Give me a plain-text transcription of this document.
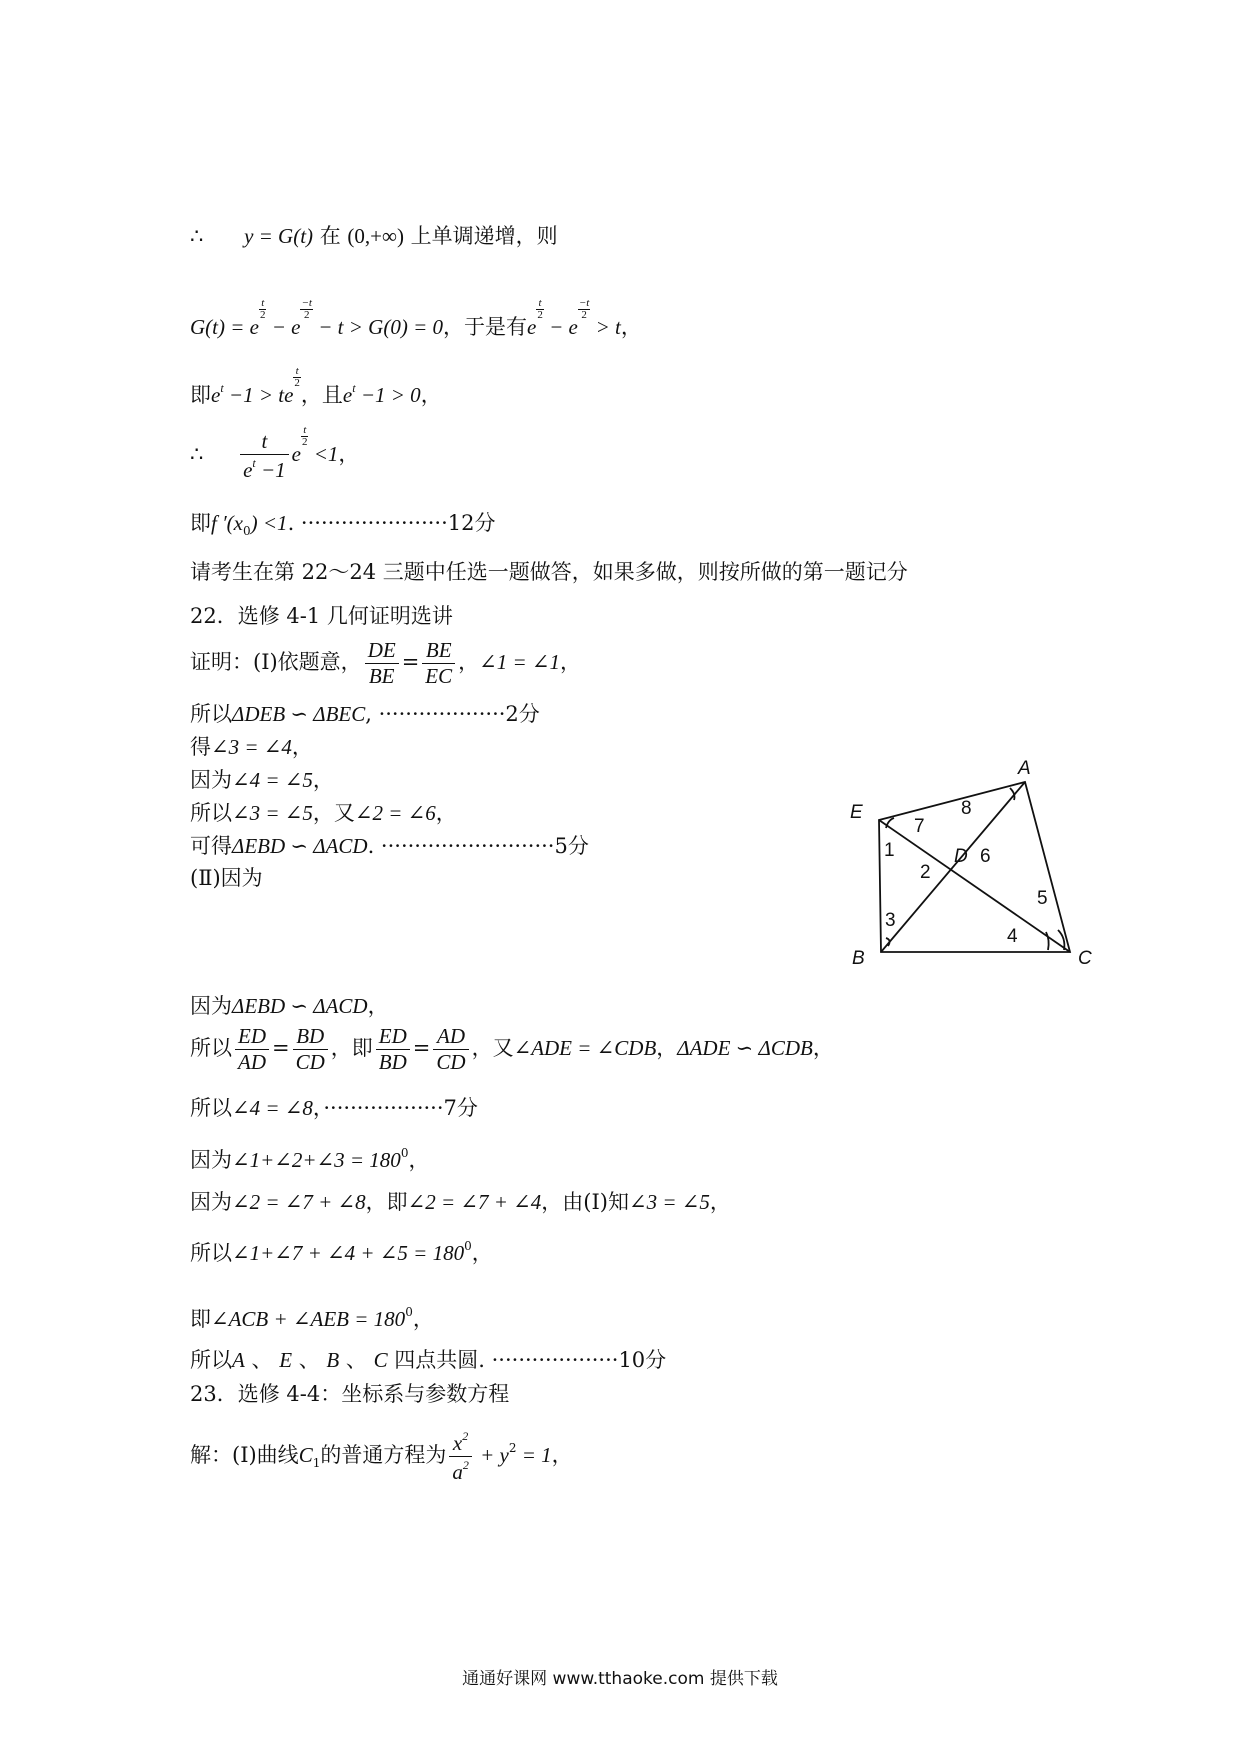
∴ y = G(t) 在 (0,+∞) 上单调递增，则
G(t) = e
$\frac{t}{2}$
− e
$\frac{-t}{2}$
− t > G(0) = 0，于是有e
$\frac{t}{2}$
− e
$\frac{-t}{2}$
> t，
即$e^t -1$ > te
$\frac{t}{2}$
，且$e^t -1 > 0$，
∴ $\frac{t}{e^t -1}$ e
$\frac{t}{2}$
<1，
即f $'(x_0) <1$. ······················12分
请考生在第 22～24 三题中任选一题做答，如果多做，则按所做的第一题记分
22．选修 4-1 几何证明选讲
证明：(Ⅰ)依题意， $\frac{DE}{BE} = \frac{BE}{EC}$ ，∠1 = ∠1，
所以ΔDEB ∽ ΔBEC, ···················2分
得∠3 = ∠4，
因为∠4 = ∠5，
所以∠3 = ∠5，又∠2 = ∠6，
可得ΔEBD ∽ ΔACD. ··························5分
(Ⅱ)因为
A
E
B	C
D
1
2
3
4
5
6
7
8
因为ΔEBD ∽ ΔACD，
所以 $\frac{ED}{AD} = \frac{BD}{CD}$ ，即 $\frac{ED}{BD} = \frac{AD}{CD}$ ，又∠ADE = ∠CDB，ΔADE ∽ ΔCDB，
所以∠4 = ∠8，··················7分
因为∠1+∠2+∠3 = $180^0$，
因为∠2 = ∠7 + ∠8，即∠2 = ∠7 + ∠4，由(Ⅰ)知∠3 = ∠5，
所以∠1+∠7 + ∠4 + ∠5 = $180^0$，
即∠ACB + ∠AEB = $180^0$，
所以A 、 E 、 B 、 C 四点共圆. ···················10分
23．选修 4-4：坐标系与参数方程
解：(Ⅰ)曲线$C_1$的普通方程为 $\frac{x^2}{a^2} + y^2 = 1$，
通通好课网 www.tthaoke.com 提供下载
